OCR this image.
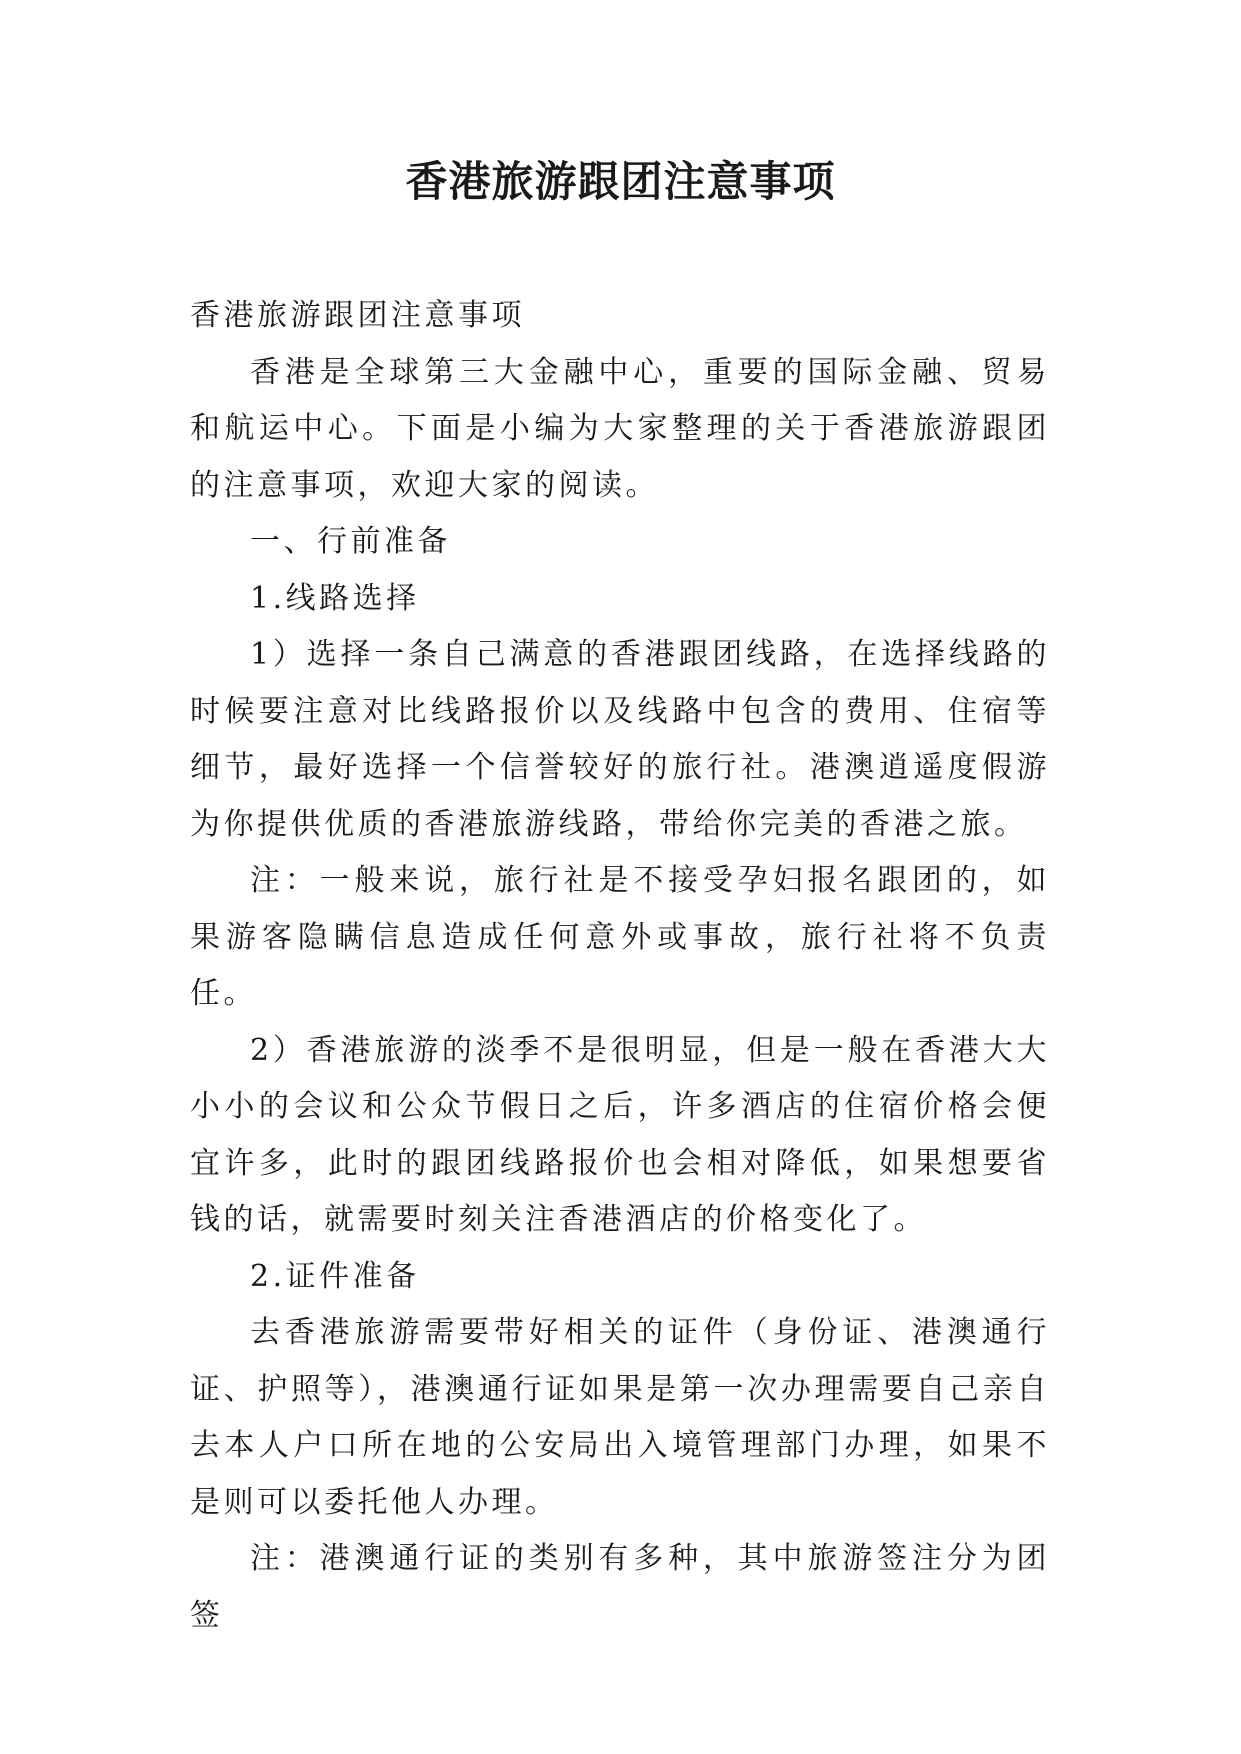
香港旅游跟团注意事项

香港旅游跟团注意事项

香港是全球第三大金融中心，重要的国际金融、贸易和航运中心。下面是小编为大家整理的关于香港旅游跟团的注意事项，欢迎大家的阅读。

一、行前准备

1.线路选择

1）选择一条自己满意的香港跟团线路，在选择线路的时候要注意对比线路报价以及线路中包含的费用、住宿等细节，最好选择一个信誉较好的旅行社。港澳逍遥度假游为你提供优质的香港旅游线路，带给你完美的香港之旅。

注：一般来说，旅行社是不接受孕妇报名跟团的，如果游客隐瞒信息造成任何意外或事故，旅行社将不负责任。

2）香港旅游的淡季不是很明显，但是一般在香港大大小小的会议和公众节假日之后，许多酒店的住宿价格会便宜许多，此时的跟团线路报价也会相对降低，如果想要省钱的话，就需要时刻关注香港酒店的价格变化了。

2.证件准备

去香港旅游需要带好相关的证件（身份证、港澳通行证、护照等），港澳通行证如果是第一次办理需要自己亲自去本人户口所在地的公安局出入境管理部门办理，如果不是则可以委托他人办理。

注：港澳通行证的类别有多种，其中旅游签注分为团签
